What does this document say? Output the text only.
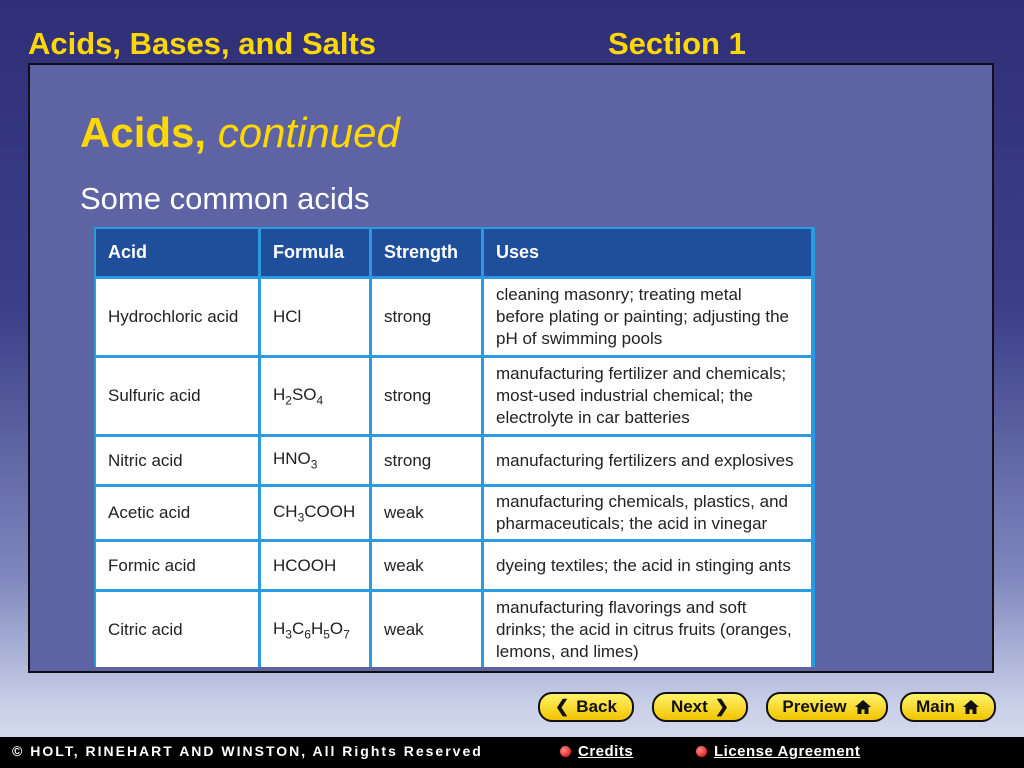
Acids, Bases, and Salts	Section 1
Acids, continued
Some common acids
Acid	Formula	Strength	Uses
Hydrochloric acid	HCl	strong	cleaning masonry; treating metal
before plating or painting; adjusting the
pH of swimming pools

Sulfuric acid	$H_2SO_4$	strong	manufacturing fertilizer and chemicals;
most-used industrial chemical; the
electrolyte in car batteries

Nitric acid	$HNO_3$	strong	manufacturing fertilizers and explosives

Acetic acid	$CH_3COOH$	weak	manufacturing chemicals, plastics, and
pharmaceuticals; the acid in vinegar

Formic acid	HCOOH	weak	dyeing textiles; the acid in stinging ants

Citric acid	$H_3C_6H_5O_7$	weak	manufacturing flavorings and soft
drinks; the acid in citrus fruits (oranges,
lemons, and limes)
❮ Back	Next ❯	Preview	Main
© HOLT, RINEHART AND WINSTON, All Rights Reserved	Credits	License Agreement
